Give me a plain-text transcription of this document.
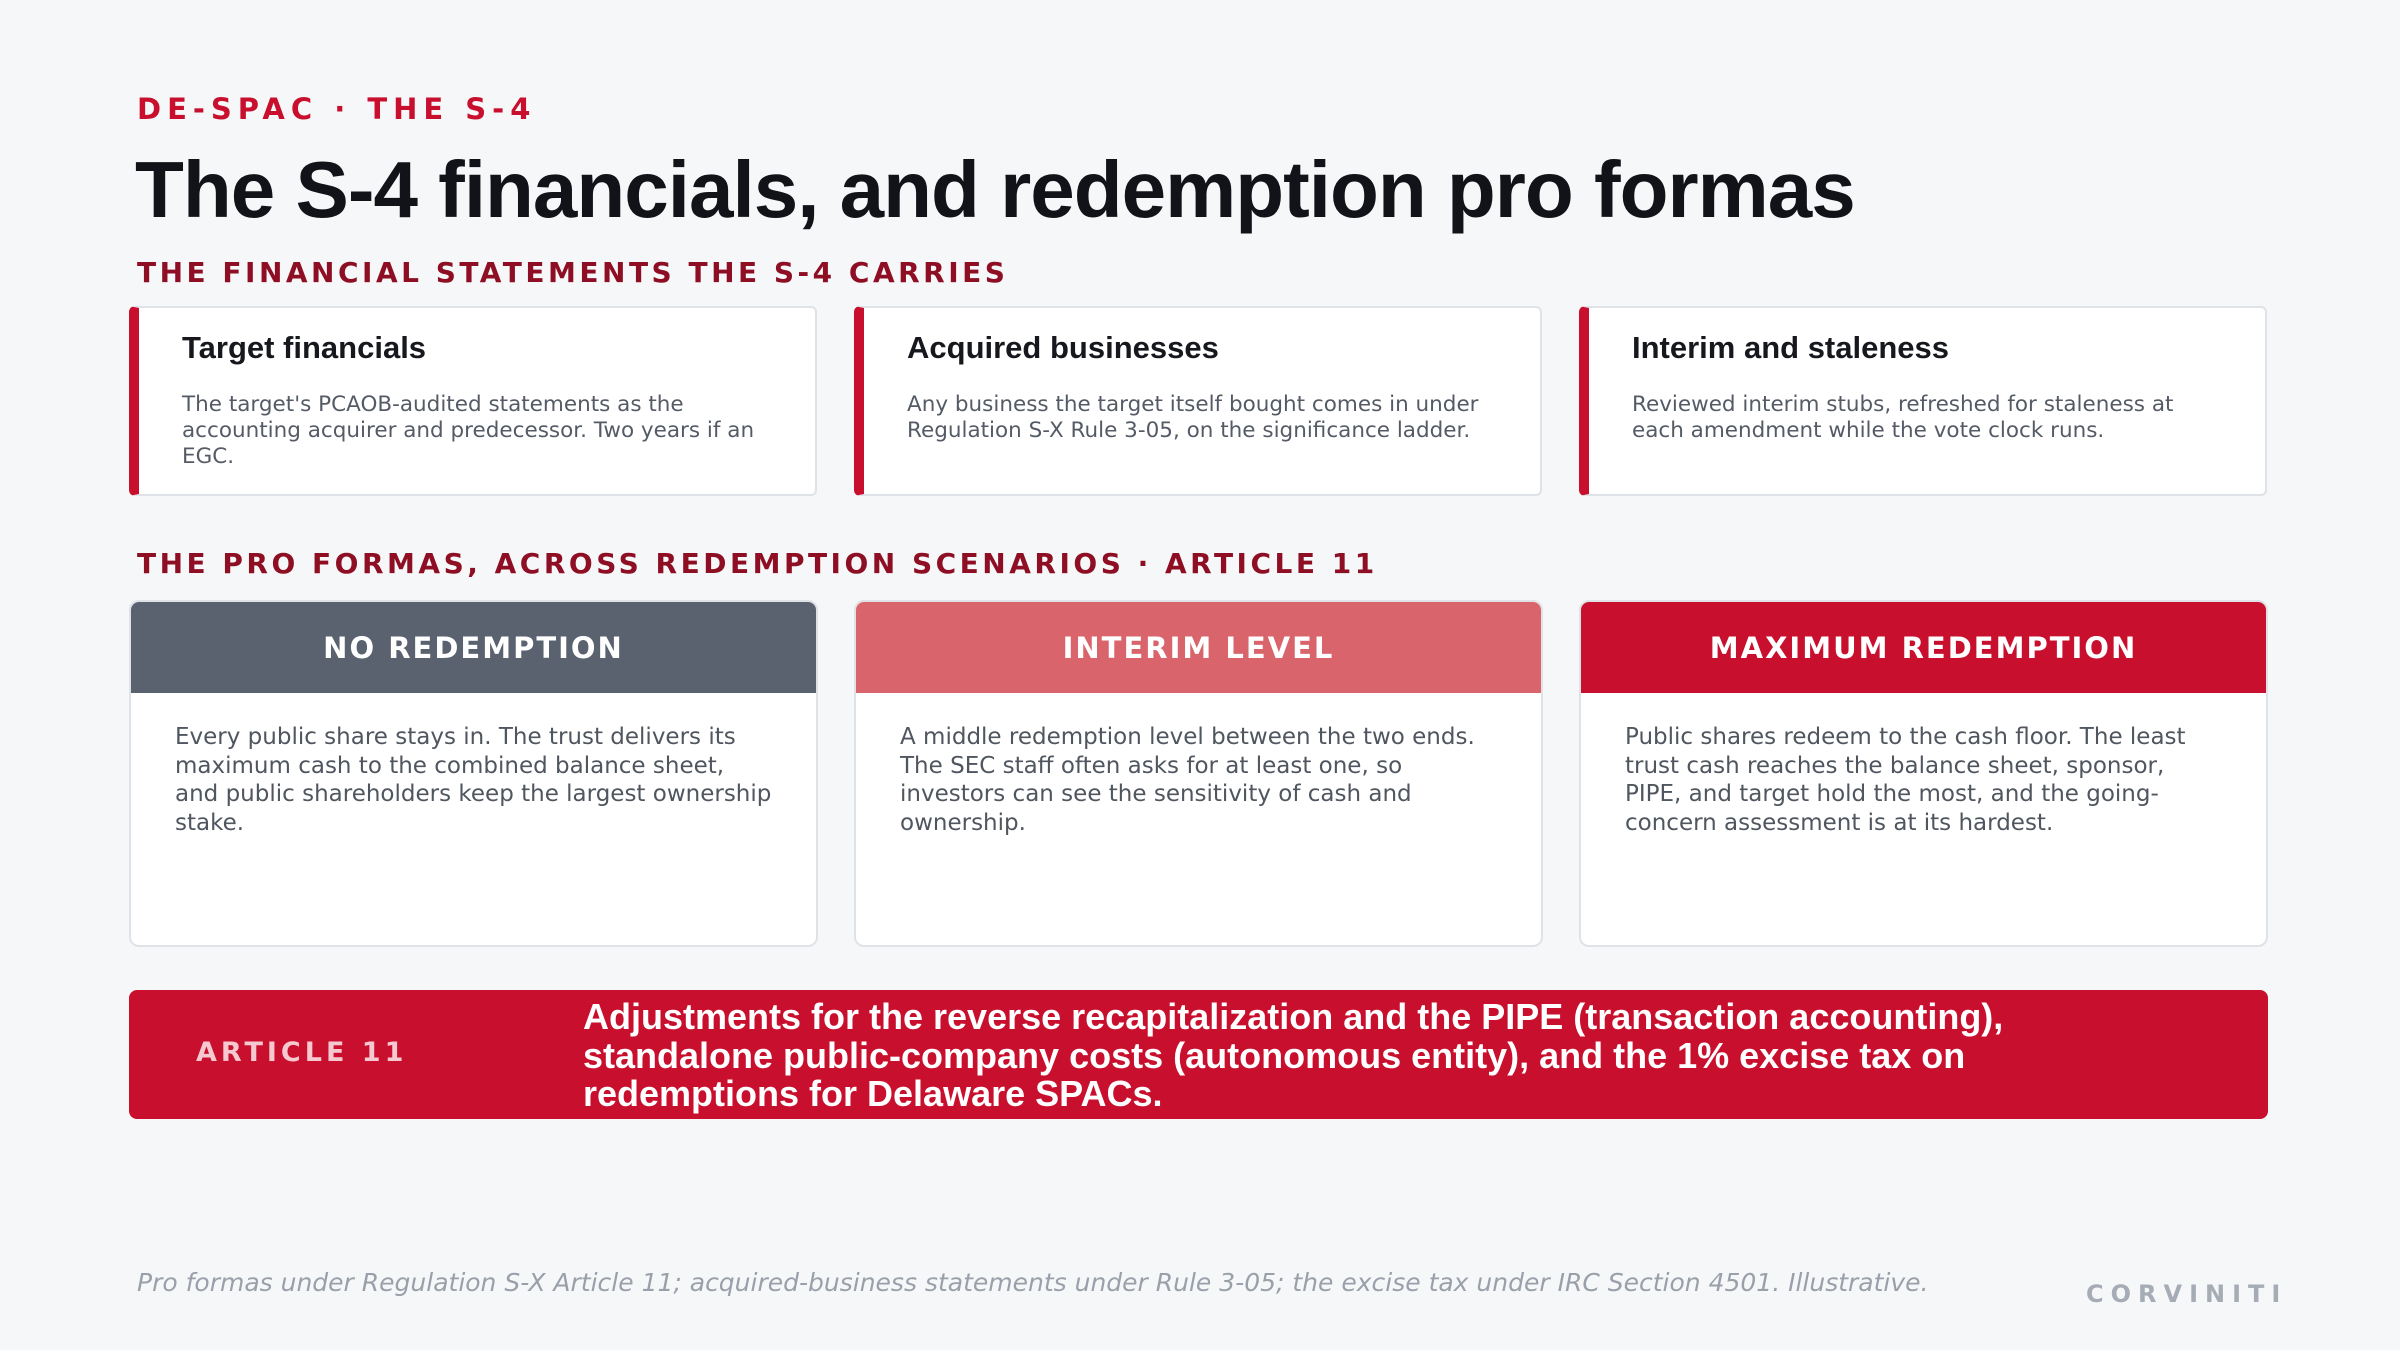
DE-SPAC · THE S-4
The S-4 financials, and redemption pro formas
THE FINANCIAL STATEMENTS THE S-4 CARRIES
Target financials

The target's PCAOB-audited statements as the accounting acquirer and predecessor. Two years if an EGC.

Acquired businesses

Any business the target itself bought comes in under Regulation S-X Rule 3-05, on the significance ladder.

Interim and staleness

Reviewed interim stubs, refreshed for staleness at each amendment while the vote clock runs.

THE PRO FORMAS, ACROSS REDEMPTION SCENARIOS · ARTICLE 11
NO REDEMPTION

Every public share stays in. The trust delivers its maximum cash to the combined balance sheet, and public shareholders keep the largest ownership stake.

INTERIM LEVEL

A middle redemption level between the two ends. The SEC staff often asks for at least one, so investors can see the sensitivity of cash and ownership.

MAXIMUM REDEMPTION

Public shares redeem to the cash floor. The least trust cash reaches the balance sheet, sponsor, PIPE, and target hold the most, and the going-concern assessment is at its hardest.

ARTICLE 11
Adjustments for the reverse recapitalization and the PIPE (transaction accounting), standalone public-company costs (autonomous entity), and the 1% excise tax on redemptions for Delaware SPACs.
Pro formas under Regulation S-X Article 11; acquired-business statements under Rule 3-05; the excise tax under IRC Section 4501. Illustrative.	CORVINITI
